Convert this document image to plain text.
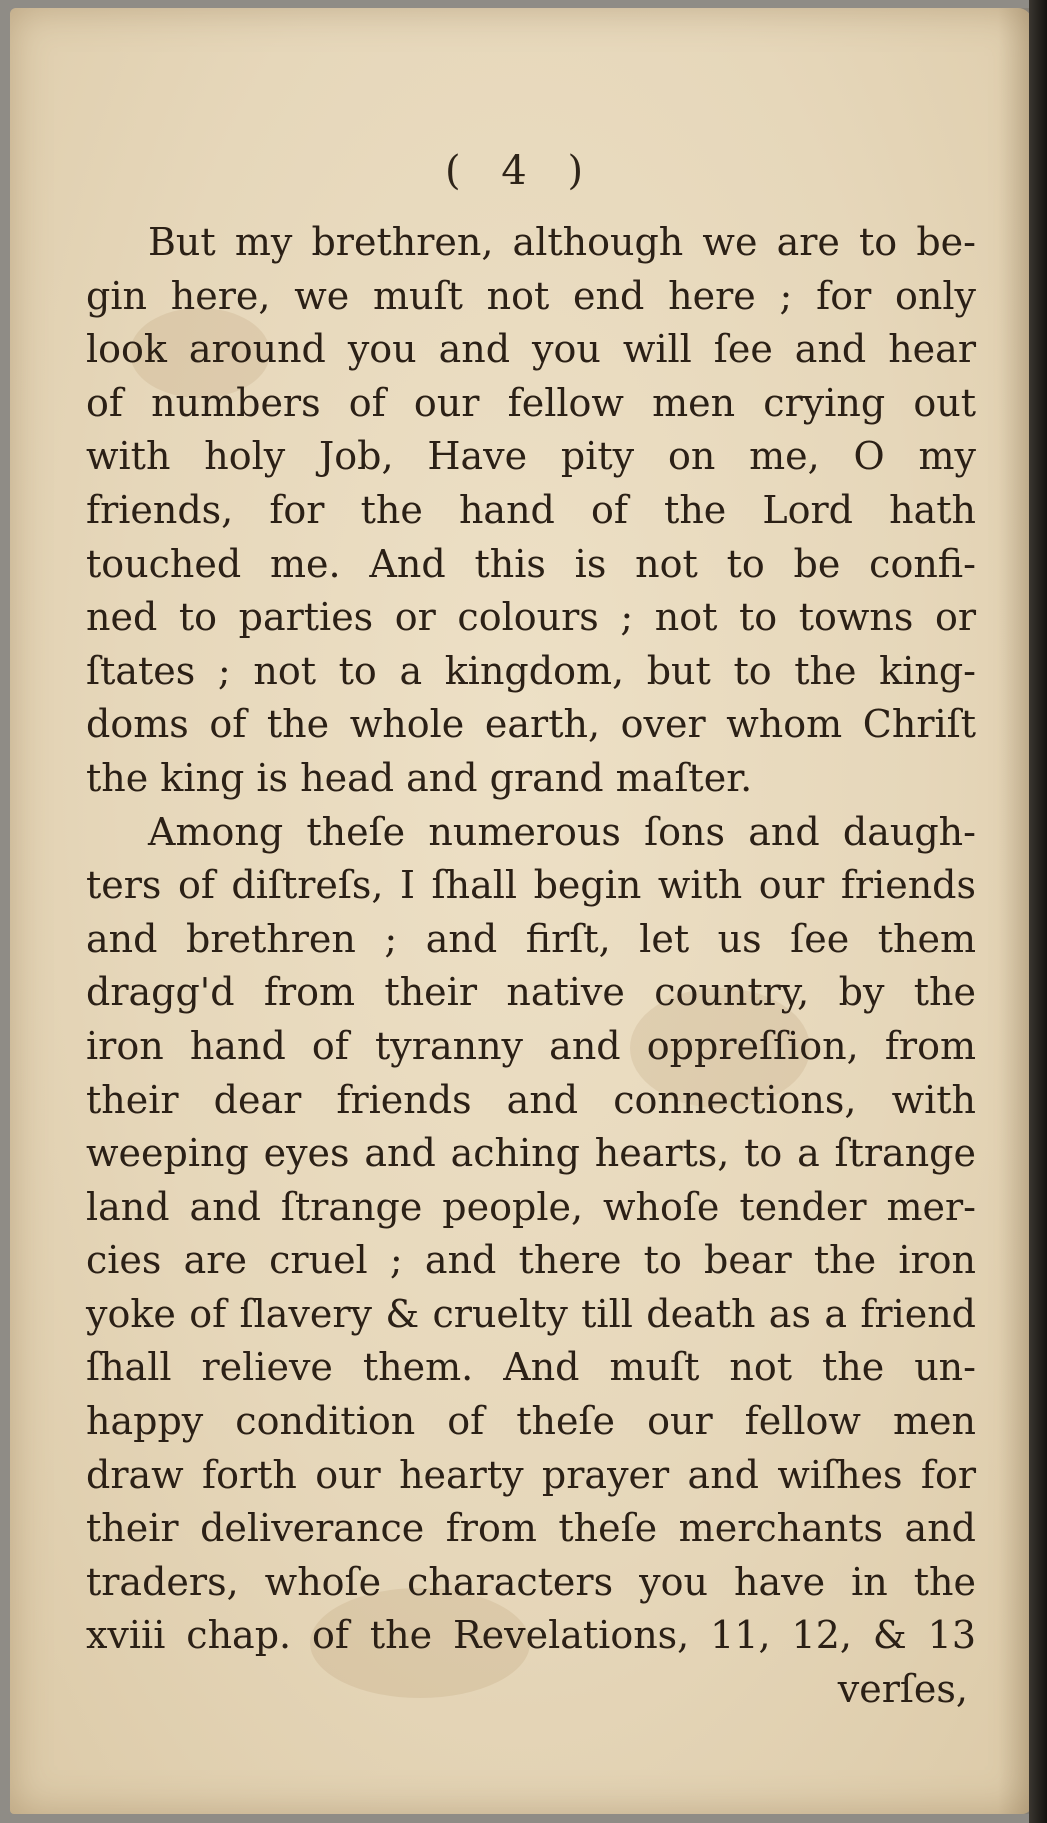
( 4 )
But my brethren, although we are to be-
gin here, we muſt not end here ; for only
look around you and you will ſee and hear
of numbers of our fellow men crying out
with holy Job, Have pity on me, O my
friends, for the hand of the Lord hath
touched me. And this is not to be confi-
ned to parties or colours ; not to towns or
ſtates ; not to a kingdom, but to the king-
doms of the whole earth, over whom Chriſt
the king is head and grand maſter.
Among theſe numerous ſons and daugh-
ters of diſtreſs, I ſhall begin with our friends
and brethren ; and firſt, let us ſee them
dragg'd from their native country, by the
iron hand of tyranny and oppreſſion, from
their dear friends and connections, with
weeping eyes and aching hearts, to a ſtrange
land and ſtrange people, whoſe tender mer-
cies are cruel ; and there to bear the iron
yoke of ſlavery & cruelty till death as a friend
ſhall relieve them. And muſt not the un-
happy condition of theſe our fellow men
draw forth our hearty prayer and wiſhes for
their deliverance from theſe merchants and
traders, whoſe characters you have in the
xviii chap. of the Revelations, 11, 12, & 13
verſes,
